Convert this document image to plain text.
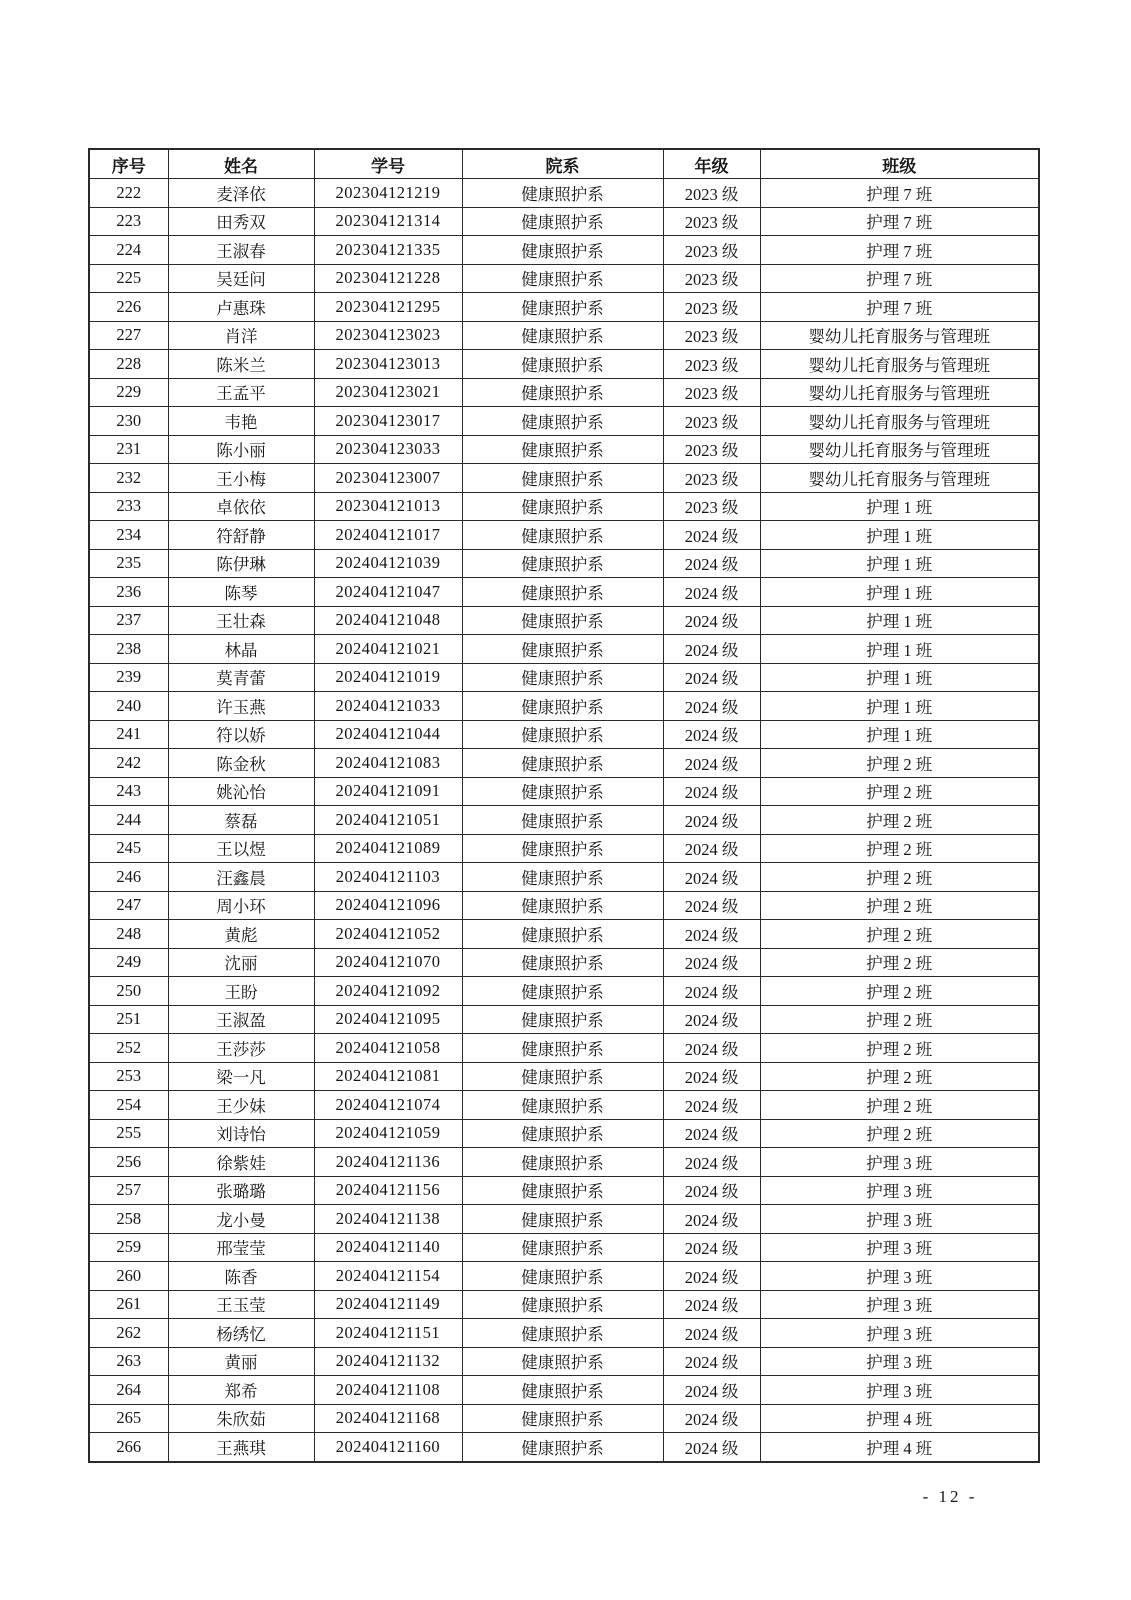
序号	姓名	学号	院系	年级	班级
222	麦泽依	202304121219	健康照护系	2023 级	护理 7 班
223	田秀双	202304121314	健康照护系	2023 级	护理 7 班
224	王淑春	202304121335	健康照护系	2023 级	护理 7 班
225	吴廷问	202304121228	健康照护系	2023 级	护理 7 班
226	卢惠珠	202304121295	健康照护系	2023 级	护理 7 班
227	肖洋	202304123023	健康照护系	2023 级	婴幼儿托育服务与管理班
228	陈米兰	202304123013	健康照护系	2023 级	婴幼儿托育服务与管理班
229	王孟平	202304123021	健康照护系	2023 级	婴幼儿托育服务与管理班
230	韦艳	202304123017	健康照护系	2023 级	婴幼儿托育服务与管理班
231	陈小丽	202304123033	健康照护系	2023 级	婴幼儿托育服务与管理班
232	王小梅	202304123007	健康照护系	2023 级	婴幼儿托育服务与管理班
233	卓依依	202304121013	健康照护系	2023 级	护理 1 班
234	符舒静	202404121017	健康照护系	2024 级	护理 1 班
235	陈伊琳	202404121039	健康照护系	2024 级	护理 1 班
236	陈琴	202404121047	健康照护系	2024 级	护理 1 班
237	王壮森	202404121048	健康照护系	2024 级	护理 1 班
238	林晶	202404121021	健康照护系	2024 级	护理 1 班
239	莫青蕾	202404121019	健康照护系	2024 级	护理 1 班
240	许玉燕	202404121033	健康照护系	2024 级	护理 1 班
241	符以娇	202404121044	健康照护系	2024 级	护理 1 班
242	陈金秋	202404121083	健康照护系	2024 级	护理 2 班
243	姚沁怡	202404121091	健康照护系	2024 级	护理 2 班
244	蔡磊	202404121051	健康照护系	2024 级	护理 2 班
245	王以煜	202404121089	健康照护系	2024 级	护理 2 班
246	汪鑫晨	202404121103	健康照护系	2024 级	护理 2 班
247	周小环	202404121096	健康照护系	2024 级	护理 2 班
248	黄彪	202404121052	健康照护系	2024 级	护理 2 班
249	沈丽	202404121070	健康照护系	2024 级	护理 2 班
250	王盼	202404121092	健康照护系	2024 级	护理 2 班
251	王淑盈	202404121095	健康照护系	2024 级	护理 2 班
252	王莎莎	202404121058	健康照护系	2024 级	护理 2 班
253	梁一凡	202404121081	健康照护系	2024 级	护理 2 班
254	王少妹	202404121074	健康照护系	2024 级	护理 2 班
255	刘诗怡	202404121059	健康照护系	2024 级	护理 2 班
256	徐紫娃	202404121136	健康照护系	2024 级	护理 3 班
257	张璐璐	202404121156	健康照护系	2024 级	护理 3 班
258	龙小曼	202404121138	健康照护系	2024 级	护理 3 班
259	邢莹莹	202404121140	健康照护系	2024 级	护理 3 班
260	陈香	202404121154	健康照护系	2024 级	护理 3 班
261	王玉莹	202404121149	健康照护系	2024 级	护理 3 班
262	杨绣忆	202404121151	健康照护系	2024 级	护理 3 班
263	黄丽	202404121132	健康照护系	2024 级	护理 3 班
264	郑希	202404121108	健康照护系	2024 级	护理 3 班
265	朱欣茹	202404121168	健康照护系	2024 级	护理 4 班
266	王燕琪	202404121160	健康照护系	2024 级	护理 4 班
- 12 -
